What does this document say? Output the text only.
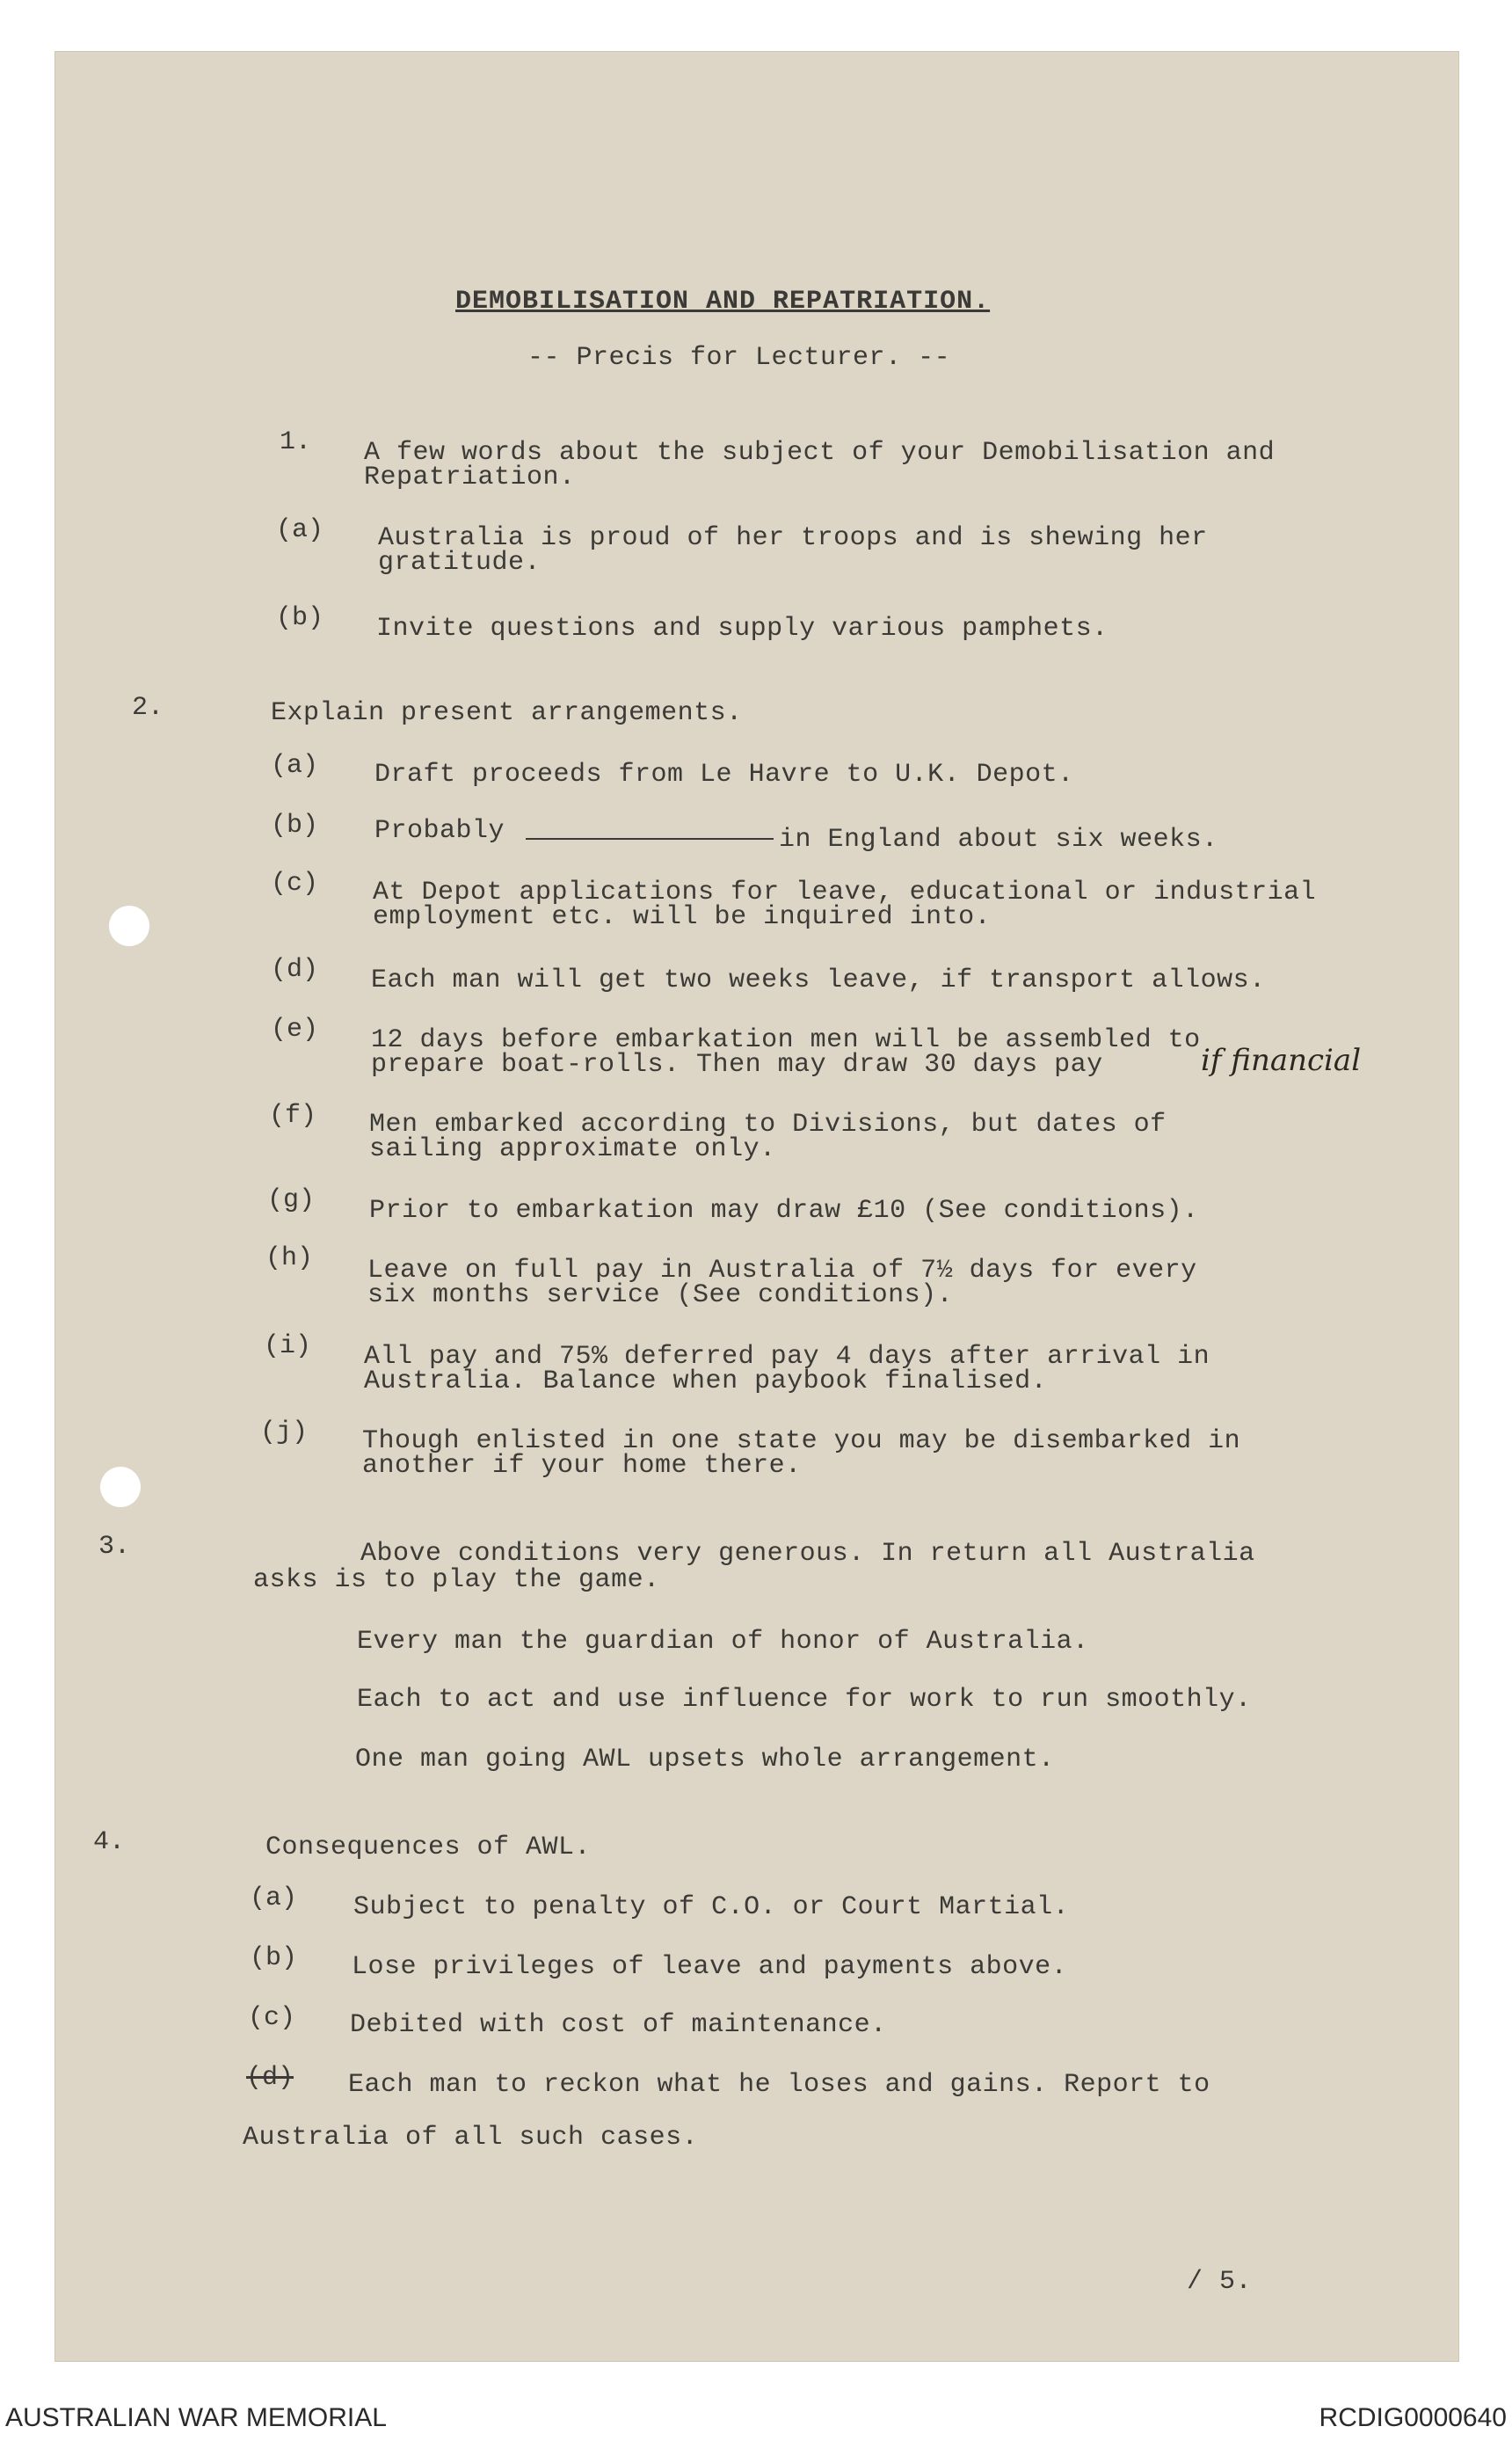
DEMOBILISATION AND REPATRIATION.
-- Precis for Lecturer. --
1. A few words about the subject of your Demobilisation and
Repatriation.
(a) Australia is proud of her troops and is shewing her
gratitude.
(b) Invite questions and supply various pamphets.
2.	Explain present arrangements.
(a) Draft proceeds from Le Havre to U.K. Depot.
(b) Probably	in England about six weeks.
(c) At Depot applications for leave, educational or industrial
employment etc. will be inquired into.
(d) Each man will get two weeks leave, if transport allows.
(e) 12 days before embarkation men will be assembled to
prepare boat-rolls. Then may draw 30 days pay	if financial
(f) Men embarked according to Divisions, but dates of
sailing approximate only.
(g) Prior to embarkation may draw £10 (See conditions).
(h) Leave on full pay in Australia of 7½ days for every
six months service (See conditions).
(i) All pay and 75% deferred pay 4 days after arrival in
Australia. Balance when paybook finalised.
(j) Though enlisted in one state you may be disembarked in
another if your home there.
3.	Above conditions very generous. In return all Australia
asks is to play the game.
Every man the guardian of honor of Australia.
Each to act and use influence for work to run smoothly.
One man going AWL upsets whole arrangement.
4.	Consequences of AWL.
(a) Subject to penalty of C.O. or Court Martial.
(b) Lose privileges of leave and payments above.
(c) Debited with cost of maintenance.
(d) Each man to reckon what he loses and gains. Report to
Australia of all such cases.
/ 5.
AUSTRALIAN WAR MEMORIAL	RCDIG0000640
